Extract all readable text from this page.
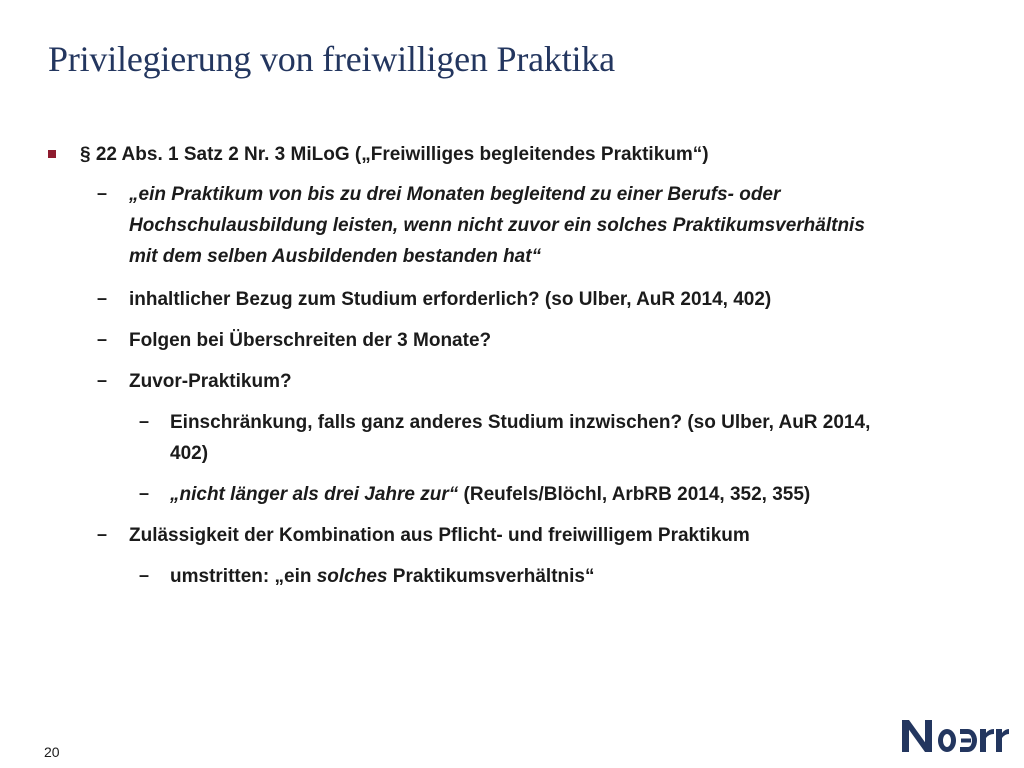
Privilegierung von freiwilligen Praktika
§ 22 Abs. 1 Satz 2 Nr. 3 MiLoG („Freiwilliges begleitendes Praktikum“)
– „ein Praktikum von bis zu drei Monaten begleitend zu einer Berufs- oder
Hochschulausbildung leisten, wenn nicht zuvor ein solches Praktikumsverhältnis
mit dem selben Ausbildenden bestanden hat“
– inhaltlicher Bezug zum Studium erforderlich? (so Ulber, AuR 2014, 402)
– Folgen bei Überschreiten der 3 Monate?
– Zuvor-Praktikum?
– Einschränkung, falls ganz anderes Studium inzwischen? (so Ulber, AuR 2014,
402)
– „nicht länger als drei Jahre zur“ (Reufels/Blöchl, ArbRB 2014, 352, 355)
– Zulässigkeit der Kombination aus Pflicht- und freiwilligem Praktikum
– umstritten: „ein solches Praktikumsverhältnis“
20
